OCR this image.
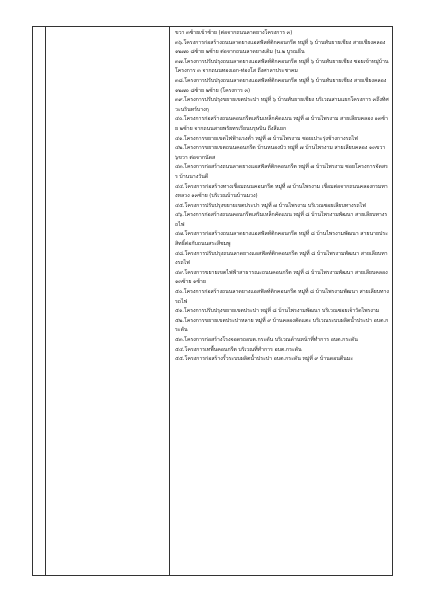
ขวา ๓ซ้ายเข้าซ้าย (ต่อจากถนนลาดยางโครงการ ๓)

๓๖.โครงการก่อสร้างถนนลาดยางแอสฟัลท์ติกคอนกรีต หมู่ที่ ๖ บ้านทับยายเชียง สายเชียงคลอง ๑๒๗๐ ๘ซ้าย ๒ซ้าย ต่อจากถนนลาดยางเดิม (น.๒ บูรณธีน

๓๗.โครงการปรับปรุงถนนลาดยางแอสฟัลท์ติกคอนกรีต หมู่ที่ ๖ บ้านทับยายเชียง ซอยเข้าหมู่บ้านโครงการ ๓ จากถนนทองเอก-ท่องโส ถึงศาลาประชาคม

๓๘.โครงการปรับปรุงถนนลาดยางแอสฟัลท์ติกคอนกรีต หมู่ที่ ๖ บ้านทับยายเชียง สายเชียงคลอง ๑๒๗๐ ๘ซ้าย ๒ซ้าย (โครงการ ๓)

๓๙.โครงการปรับปรุงขยายเขตประปา หมู่ที่ ๖ บ้านทับยายเชียง บริเวณสามแยกโครงการ ๓ถึงทิศวะนรินทร์บางกุ

๔๐.โครงการก่อสร้างถนนคอนกรีตเสริมเหล็กคัดแบน หมู่ที่ ๗ บ้านไพรงาม สายเลียบคลอง ๑๓ซ้าย ๒ซ้าย จากถนนสายพรัยทรเรียนบรุษบิน ถึงสีแยก

๔๑.โครงการขยายเขตไฟฟ้าแรงต่ำ หมู่ที่ ๗ บ้านไพรงาม ซอยเปาะรุ่งช้างกางรถไฟ

๔๒.โครงการขยายเขตถนนคอนกรีต บ้านหนองบัว หมู่ที่ ๗ บ้านไพรงาม สายเลียบคลอง ๑๓ขวา ๖ขวา ต่อจากนัดส

๔๓.โครงการก่อสร้างถนนลาดยางแอสฟัลท์ติกคอนกรีต หมู่ที่ ๗ บ้านไพรงาม ซอยโครงการจัดสรร บ้านนางวันดี

๔๔.โครงการก่อสร้างทางเชื่อมถนนคอนกรีต หมู่ที่ ๗ บ้านไพรงาม เชื่อมต่อจากถนนคลองกรมทางหลวง ๑๓ซ้าย (บริเวณบ้านบ้านมวง)

๔๕.โครงการปรับปรุงขยายเขตประปา หมู่ที่ ๗ บ้านไพรงาม บริเวณซอยเลียบทางรถไฟ

๔๖.โครงการก่อสร้างถนนคอนกรีตเสริมเหล็กคัดแบน หมู่ที่ ๘ บ้านไพรงามพัฒนา สายเลียบทางรถไฟ

๔๗.โครงการก่อสร้างถนนลาดยางแอสฟัลท์ติกคอนกรีต หมู่ที่ ๘ บ้านไพรงามพัฒนา สายนายประสิทธิ์ต่อกับถนนสระสีชมพู

๔๘.โครงการปรับปรุงถนนลาดยางแอสฟัลท์ติกคอนกรีต หมู่ที่ ๘ บ้านไพรงามพัฒนา สายเลียบทางรถไฟ

๔๙.โครงการขยายเขตไฟฟ้าสาธารณะถนนคอนกรีต หมู่ที่ ๘ บ้านไพรงามพัฒนา สายเลียบคลอง ๑๓ซ้าย ๑ซ้าย

๕๐.โครงการก่อสร้างถนนลาดยางแอสฟัลท์ติกคอนกรีต หมู่ที่ ๘ บ้านไพรงามพัฒนา สายเลียบทางรถไฟ

๕๑.โครงการปรับปรุงขยายเขตประปา หมู่ที่ ๘ บ้านไพรงามพัฒนา บริเวณซอยเจ้าวัดไพรงาม

๕๒.โครงการขยายเขตประปาหลาย หมู่ที่ ๙ บ้านคลองตัดแตะ บริเวณระบบผลิตน้ำประปา อบต.กระดัน

๕๓.โครงการก่อสร้างโรงจอดรถอบต.กระดัน บริเวณด้านหน้าที่ทำการ อบต.กระดัน

๕๔.โครงการเทพื้นคอนกรีต บริเวณที่ทำการ อบต.กระดัน

๕๕.โครงการก่อสร้างรั้วระบบผลิตน้ำประปา อบต.กระดัน หมู่ที่ ๙ บ้านดอนตีนมะ
